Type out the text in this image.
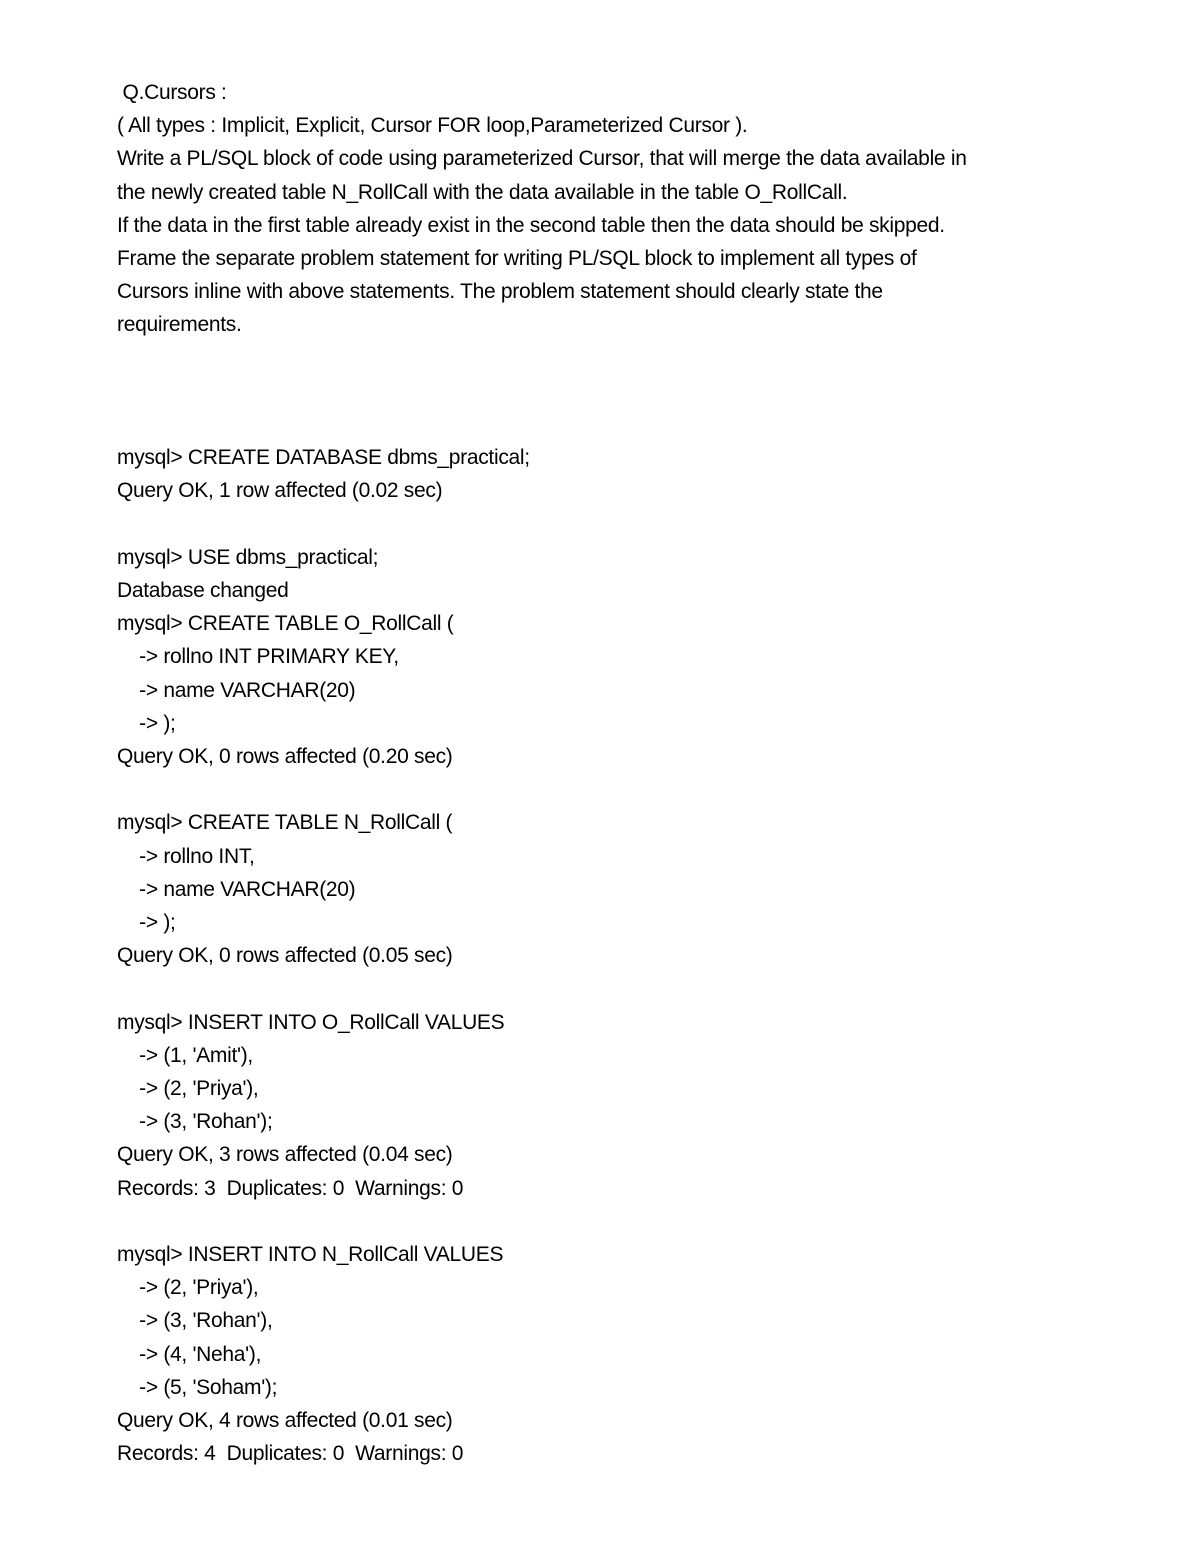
Q.Cursors :
( All types : Implicit, Explicit, Cursor FOR loop,Parameterized Cursor ).
Write a PL/SQL block of code using parameterized Cursor, that will merge the data available in
the newly created table N_RollCall with the data available in the table O_RollCall.
If the data in the first table already exist in the second table then the data should be skipped.
Frame the separate problem statement for writing PL/SQL block to implement all types of
Cursors inline with above statements. The problem statement should clearly state the
requirements.
mysql> CREATE DATABASE dbms_practical;
Query OK, 1 row affected (0.02 sec)
mysql> USE dbms_practical;
Database changed
mysql> CREATE TABLE O_RollCall (
-> rollno INT PRIMARY KEY,
-> name VARCHAR(20)
-> );
Query OK, 0 rows affected (0.20 sec)
mysql> CREATE TABLE N_RollCall (
-> rollno INT,
-> name VARCHAR(20)
-> );
Query OK, 0 rows affected (0.05 sec)
mysql> INSERT INTO O_RollCall VALUES
-> (1, 'Amit'),
-> (2, 'Priya'),
-> (3, 'Rohan');
Query OK, 3 rows affected (0.04 sec)
Records: 3  Duplicates: 0  Warnings: 0
mysql> INSERT INTO N_RollCall VALUES
-> (2, 'Priya'),
-> (3, 'Rohan'),
-> (4, 'Neha'),
-> (5, 'Soham');
Query OK, 4 rows affected (0.01 sec)
Records: 4  Duplicates: 0  Warnings: 0
